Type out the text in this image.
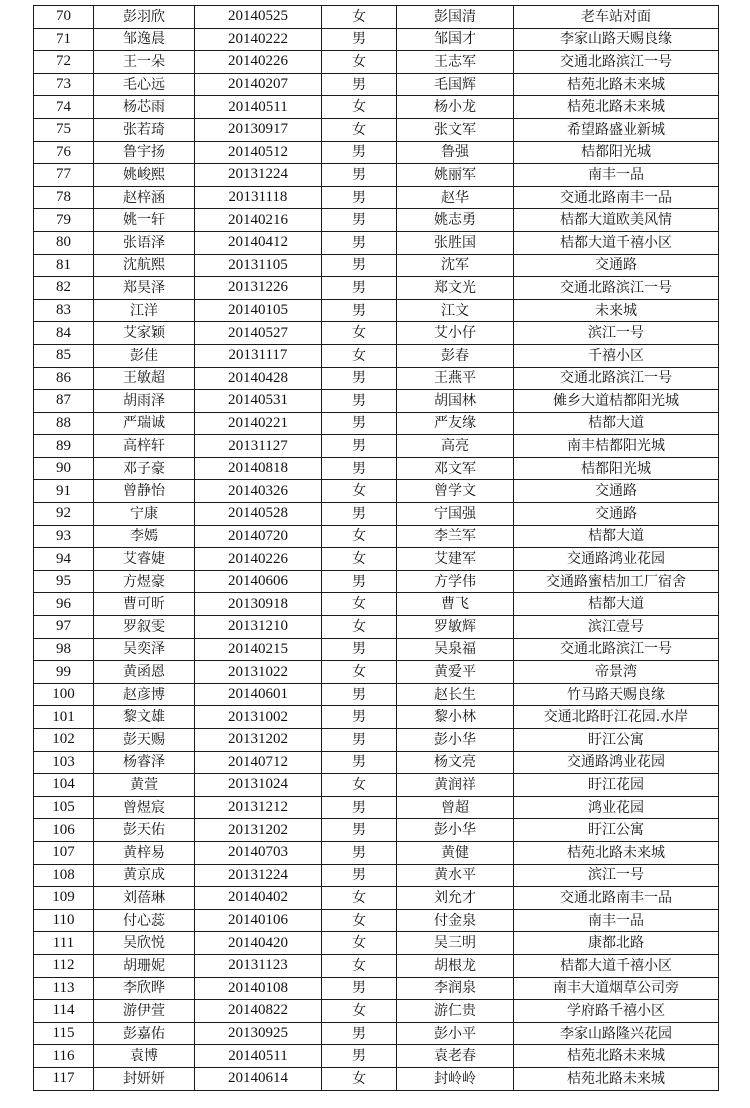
70	彭羽欣	20140525	女	彭国清	老车站对面
71	邹逸晨	20140222	男	邹国才	李家山路天赐良缘
72	王一朵	20140226	女	王志军	交通北路滨江一号
73	毛心远	20140207	男	毛国辉	桔苑北路未来城
74	杨芯雨	20140511	女	杨小龙	桔苑北路未来城
75	张若琦	20130917	女	张文军	希望路盛业新城
76	鲁宇扬	20140512	男	鲁强	桔都阳光城
77	姚峻熙	20131224	男	姚丽军	南丰一品
78	赵梓涵	20131118	男	赵华	交通北路南丰一品
79	姚一轩	20140216	男	姚志勇	桔都大道欧美风情
80	张语泽	20140412	男	张胜国	桔都大道千禧小区
81	沈航熙	20131105	男	沈军	交通路
82	郑昊泽	20131226	男	郑文光	交通北路滨江一号
83	江洋	20140105	男	江文	未来城
84	艾家颖	20140527	女	艾小仔	滨江一号
85	彭佳	20131117	女	彭春	千禧小区
86	王敏超	20140428	男	王燕平	交通北路滨江一号
87	胡雨泽	20140531	男	胡国林	傩乡大道桔都阳光城
88	严瑞诚	20140221	男	严友缘	桔都大道
89	高梓轩	20131127	男	高亮	南丰桔都阳光城
90	邓子豪	20140818	男	邓文军	桔都阳光城
91	曾静怡	20140326	女	曾学文	交通路
92	宁康	20140528	男	宁国强	交通路
93	李嫣	20140720	女	李兰军	桔都大道
94	艾睿婕	20140226	女	艾建军	交通路鸿业花园
95	方煜豪	20140606	男	方学伟	交通路蜜桔加工厂宿舍
96	曹可昕	20130918	女	曹飞	桔都大道
97	罗叙雯	20131210	女	罗敏辉	滨江壹号
98	吴奕泽	20140215	男	吴泉福	交通北路滨江一号
99	黄函恩	20131022	女	黄爱平	帝景湾
100	赵彦博	20140601	男	赵长生	竹马路天赐良缘
101	黎文雄	20131002	男	黎小林	交通北路盱江花园.水岸
102	彭天赐	20131202	男	彭小华	盱江公寓
103	杨睿泽	20140712	男	杨文亮	交通路鸿业花园
104	黄萱	20131024	女	黄润祥	盱江花园
105	曾煜宸	20131212	男	曾超	鸿业花园
106	彭天佑	20131202	男	彭小华	盱江公寓
107	黄梓易	20140703	男	黄健	桔苑北路未来城
108	黄京成	20131224	男	黄水平	滨江一号
109	刘蓓琳	20140402	女	刘允才	交通北路南丰一品
110	付心蕊	20140106	女	付金泉	南丰一品
111	吴欣悦	20140420	女	吴三明	康都北路
112	胡珊妮	20131123	女	胡根龙	桔都大道千禧小区
113	李欣晔	20140108	男	李润泉	南丰大道烟草公司旁
114	游伊萱	20140822	女	游仁贵	学府路千禧小区
115	彭嘉佑	20130925	男	彭小平	李家山路隆兴花园
116	袁博	20140511	男	袁老春	桔苑北路未来城
117	封妍妍	20140614	女	封岭岭	桔苑北路未来城
